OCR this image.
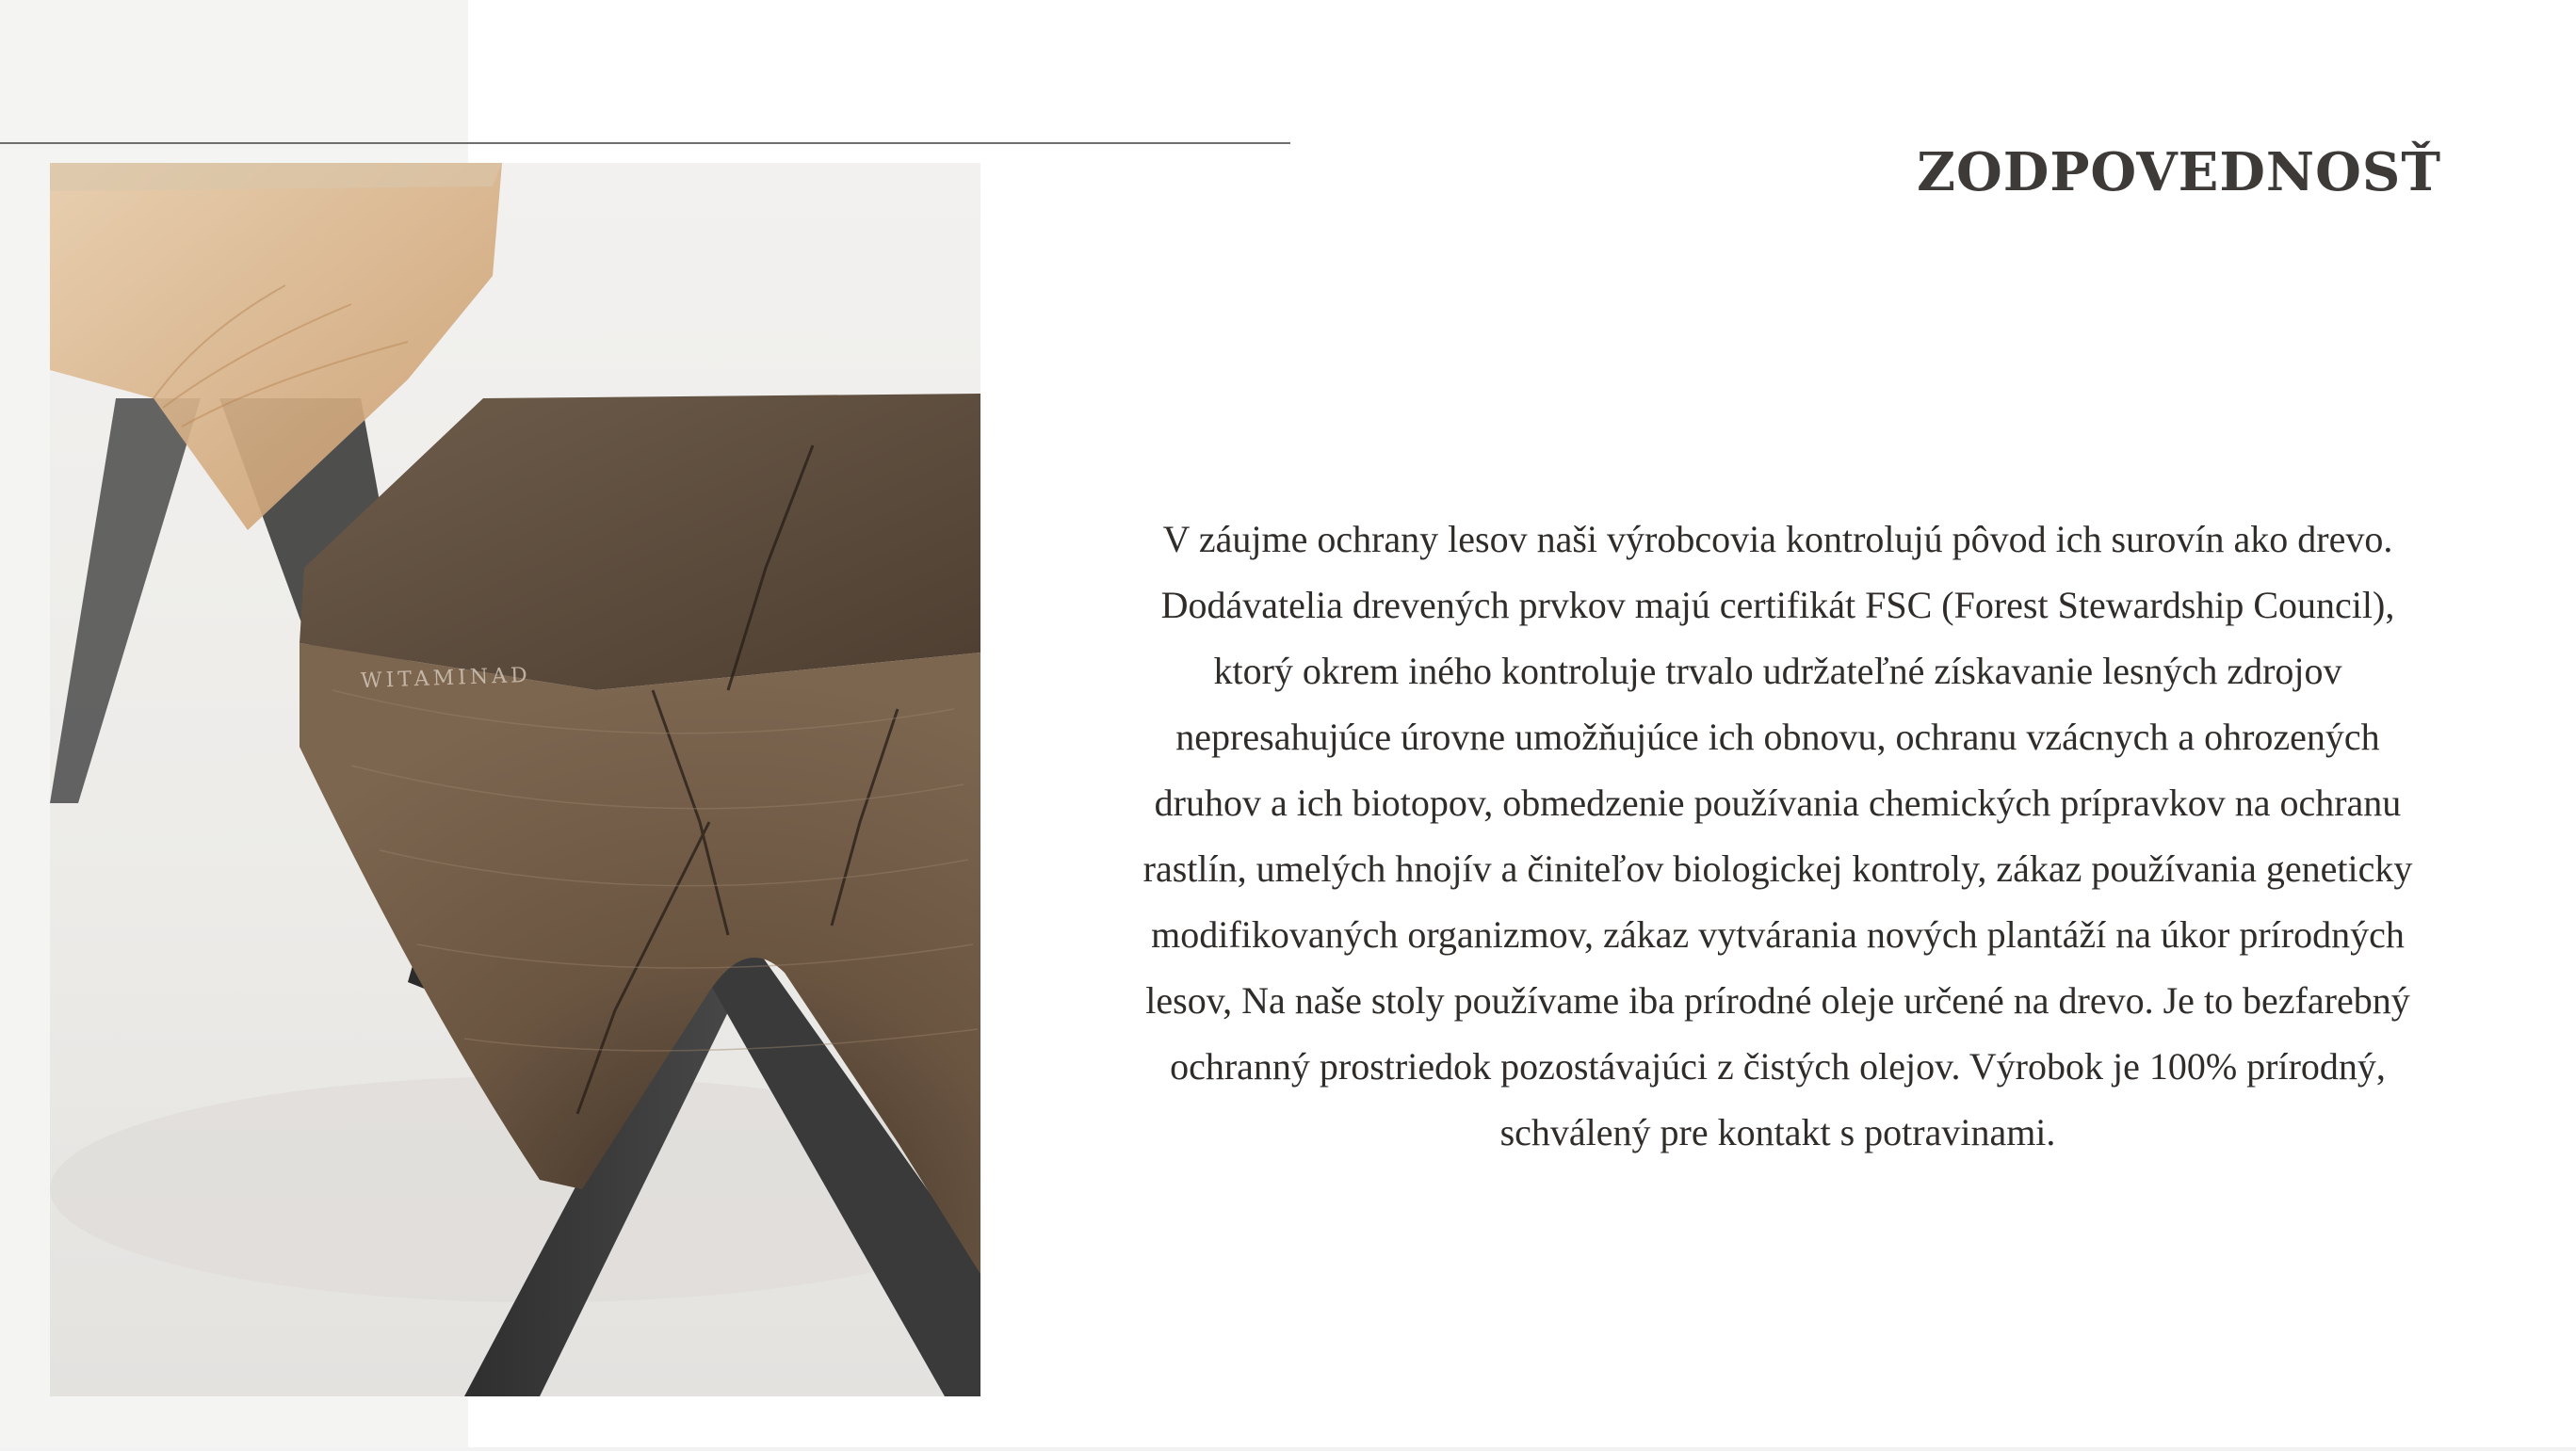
WITAMINAD
ZODPOVEDNOSŤ

V záujme ochrany lesov naši výrobcovia kontrolujú pôvod ich surovín ako drevo. Dodávatelia drevených prvkov majú certifikát FSC (Forest Stewardship Council), ktorý okrem iného kontroluje trvalo udržateľné získavanie lesných zdrojov nepresahujúce úrovne umožňujúce ich obnovu, ochranu vzácnych a ohrozených druhov a ich biotopov, obmedzenie používania chemických prípravkov na ochranu rastlín, umelých hnojív a činiteľov biologickej kontroly, zákaz používania geneticky modifikovaných organizmov, zákaz vytvárania nových plantáží na úkor prírodných lesov, Na naše stoly používame iba prírodné oleje určené na drevo. Je to bezfarebný ochranný prostriedok pozostávajúci z čistých olejov. Výrobok je 100% prírodný, schválený pre kontakt s potravinami.
